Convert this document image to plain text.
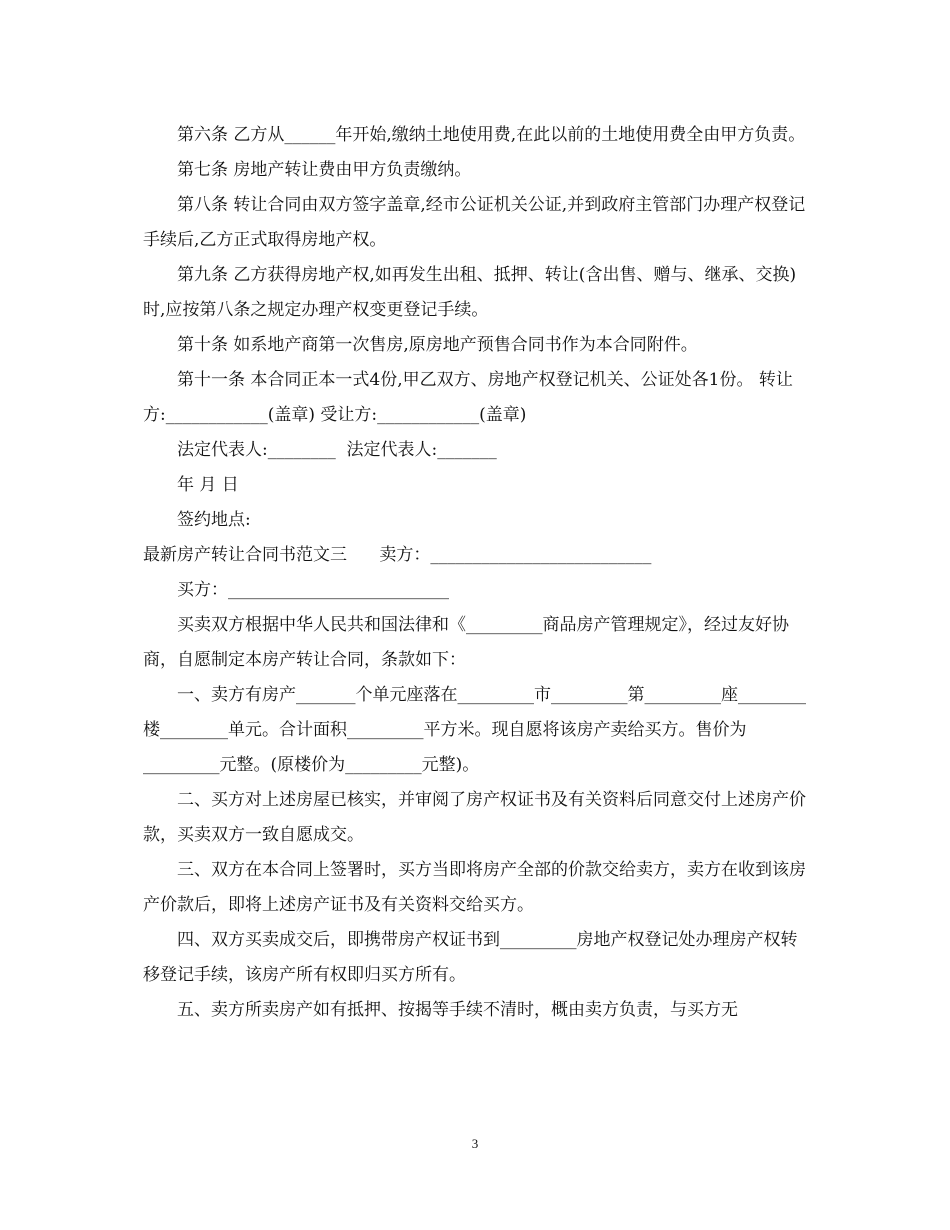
第六条 乙方从______年开始,缴纳土地使用费,在此以前的土地使用费全由甲方负责。

第七条 房地产转让费由甲方负责缴纳。

第八条 转让合同由双方签字盖章,经市公证机关公证,并到政府主管部门办理产权登记手续后,乙方正式取得房地产权。

第九条 乙方获得房地产权,如再发生出租、抵押、转让(含出售、赠与、继承、交换)时,应按第八条之规定办理产权变更登记手续。

第十条 如系地产商第一次售房,原房地产预售合同书作为本合同附件。

第十一条 本合同正本一式4份,甲乙双方、房地产权登记机关、公证处各1份。 转让方:____________(盖章) 受让方:____________(盖章)

法定代表人:________  法定代表人:_______

年 月 日

签约地点:

最新房产转让合同书范文三      卖方：__________________________

买方：__________________________

买卖双方根据中华人民共和国法律和《_________商品房产管理规定》，经过友好协商，自愿制定本房产转让合同，条款如下：

一、卖方有房产_______个单元座落在_________市_________第_________座________楼________单元。合计面积_________平方米。现自愿将该房产卖给买方。售价为_________元整。(原楼价为_________元整)。

二、买方对上述房屋已核实，并审阅了房产权证书及有关资料后同意交付上述房产价款，买卖双方一致自愿成交。

三、双方在本合同上签署时，买方当即将房产全部的价款交给卖方，卖方在收到该房产价款后，即将上述房产证书及有关资料交给买方。

四、双方买卖成交后，即携带房产权证书到_________房地产权登记处办理房产权转移登记手续，该房产所有权即归买方所有。

五、卖方所卖房产如有抵押、按揭等手续不清时，概由卖方负责，与买方无

3
